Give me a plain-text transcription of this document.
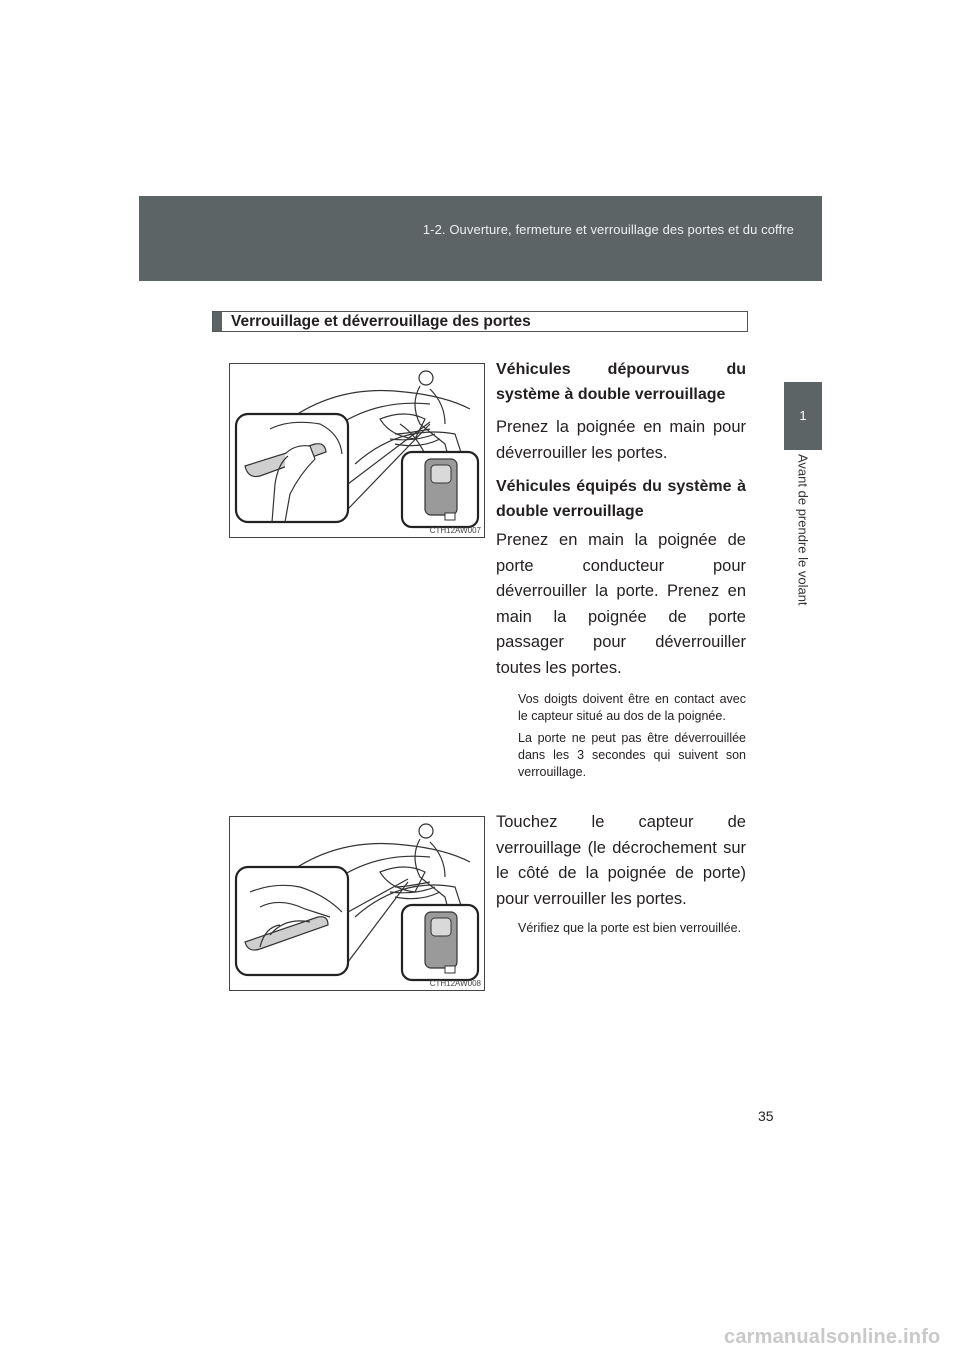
1-2. Ouverture, fermeture et verrouillage des portes et du coffre
1
Avant de prendre le volant
Verrouillage et déverrouillage des portes
CTH12AW007
CTH12AW008

Véhicules dépourvus du système à double verrouillage

Prenez la poignée en main pour déverrouiller les portes.

Véhicules équipés du système à double verrouillage

Prenez en main la poignée de porte conducteur pour déverrouiller la porte. Prenez en main la poignée de porte passager pour déverrouiller toutes les portes.

Vos doigts doivent être en contact avec le capteur situé au dos de la poignée.

La porte ne peut pas être déverrouillée dans les 3 secondes qui suivent son verrouillage.

Touchez le capteur de verrouillage (le décrochement sur le côté de la poignée de porte) pour verrouiller les portes.

Vérifiez que la porte est bien verrouillée.

35
carmanualsonline.info
